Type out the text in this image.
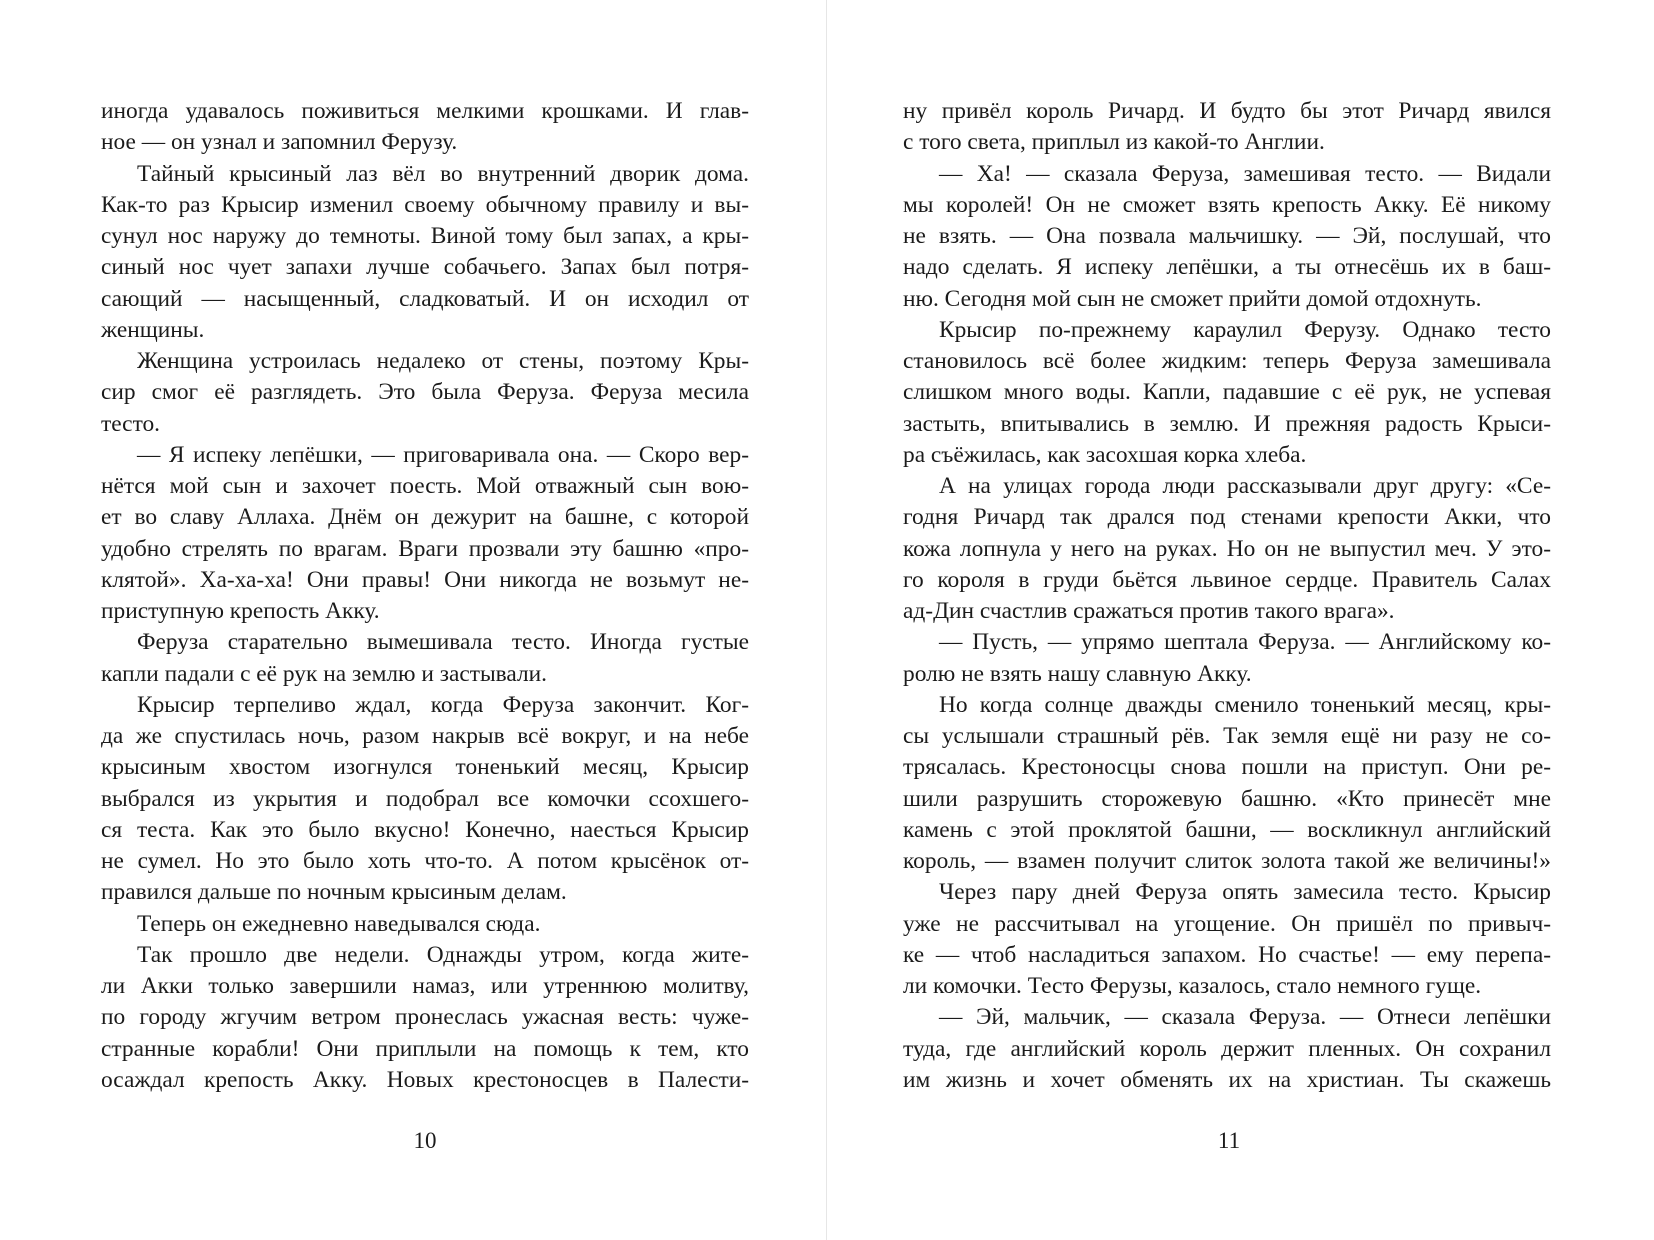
иногда удавалось поживиться мелкими крошками. И глав-
ное — он узнал и запомнил Ферузу.
Тайный крысиный лаз вёл во внутренний дворик дома.
Как-то раз Крысир изменил своему обычному правилу и вы-
сунул нос наружу до темноты. Виной тому был запах, а кры-
синый нос чует запахи лучше собачьего. Запах был потря-
сающий — насыщенный, сладковатый. И он исходил от
женщины.
Женщина устроилась недалеко от стены, поэтому Кры-
сир смог её разглядеть. Это была Феруза. Феруза месила
тесто.
— Я испеку лепёшки, — приговаривала она. — Скоро вер-
нётся мой сын и захочет поесть. Мой отважный сын вою-
ет во славу Аллаха. Днём он дежурит на башне, с которой
удобно стрелять по врагам. Враги прозвали эту башню «про-
клятой». Ха-ха-ха! Они правы! Они никогда не возьмут не-
приступную крепость Акку.
Феруза старательно вымешивала тесто. Иногда густые
капли падали с её рук на землю и застывали.
Крысир терпеливо ждал, когда Феруза закончит. Ког-
да же спустилась ночь, разом накрыв всё вокруг, и на небе
крысиным хвостом изогнулся тоненький месяц, Крысир
выбрался из укрытия и подобрал все комочки ссохшего-
ся теста. Как это было вкусно! Конечно, наесться Крысир
не сумел. Но это было хоть что-то. А потом крысёнок от-
правился дальше по ночным крысиным делам.
Теперь он ежедневно наведывался сюда.
Так прошло две недели. Однажды утром, когда жите-
ли Акки только завершили намаз, или утреннюю молитву,
по городу жгучим ветром пронеслась ужасная весть: чуже-
странные корабли! Они приплыли на помощь к тем, кто
осаждал крепость Акку. Новых крестоносцев в Палести-
10
ну привёл король Ричард. И будто бы этот Ричард явился
с того света, приплыл из какой-то Англии.
— Ха! — сказала Феруза, замешивая тесто. — Видали
мы королей! Он не сможет взять крепость Акку. Её никому
не взять. — Она позвала мальчишку. — Эй, послушай, что
надо сделать. Я испеку лепёшки, а ты отнесёшь их в баш-
ню. Сегодня мой сын не сможет прийти домой отдохнуть.
Крысир по-прежнему караулил Ферузу. Однако тесто
становилось всё более жидким: теперь Феруза замешивала
слишком много воды. Капли, падавшие с её рук, не успевая
застыть, впитывались в землю. И прежняя радость Крыси-
ра съёжилась, как засохшая корка хлеба.
А на улицах города люди рассказывали друг другу: «Се-
годня Ричард так дрался под стенами крепости Акки, что
кожа лопнула у него на руках. Но он не выпустил меч. У это-
го короля в груди бьётся львиное сердце. Правитель Салах
ад-Дин счастлив сражаться против такого врага».
— Пусть, — упрямо шептала Феруза. — Английскому ко-
ролю не взять нашу славную Акку.
Но когда солнце дважды сменило тоненький месяц, кры-
сы услышали страшный рёв. Так земля ещё ни разу не со-
трясалась. Крестоносцы снова пошли на приступ. Они ре-
шили разрушить сторожевую башню. «Кто принесёт мне
камень с этой проклятой башни, — воскликнул английский
король, — взамен получит слиток золота такой же величины!»
Через пару дней Феруза опять замесила тесто. Крысир
уже не рассчитывал на угощение. Он пришёл по привыч-
ке — чтоб насладиться запахом. Но счастье! — ему перепа-
ли комочки. Тесто Ферузы, казалось, стало немного гуще.
— Эй, мальчик, — сказала Феруза. — Отнеси лепёшки
туда, где английский король держит пленных. Он сохранил
им жизнь и хочет обменять их на христиан. Ты скажешь
11
